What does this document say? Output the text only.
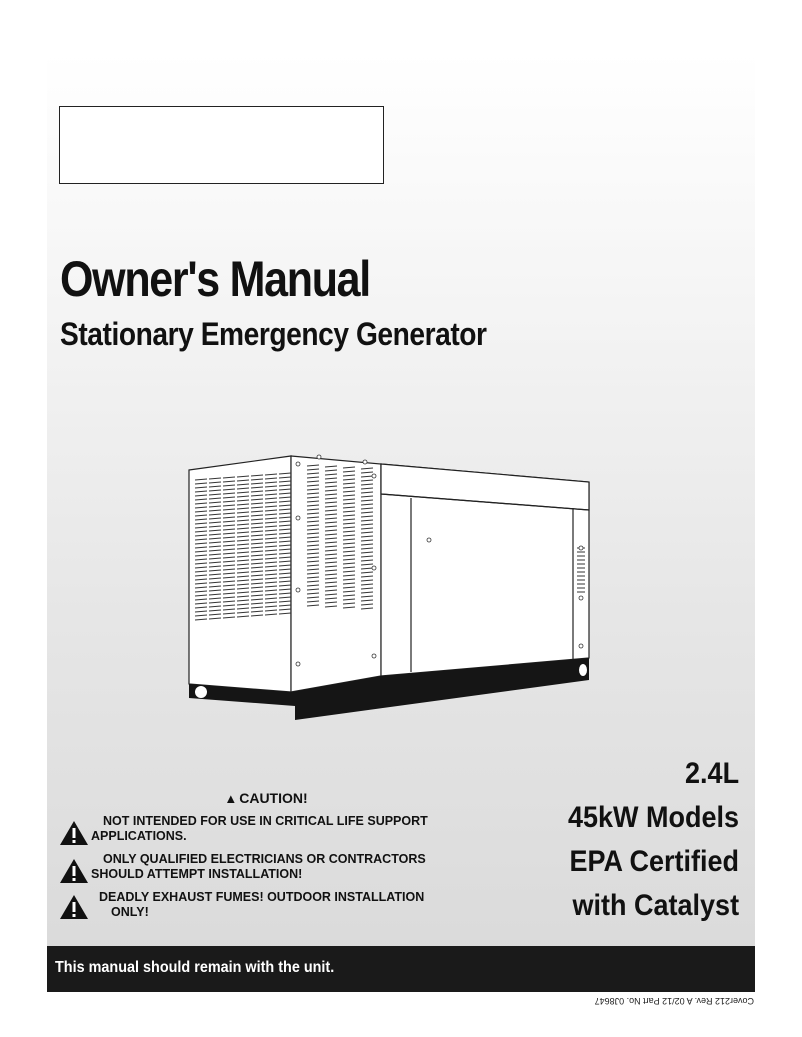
Owner's Manual
Stationary Emergency Generator
▲ CAUTION!
NOT INTENDED FOR USE IN CRITICAL LIFE SUPPORT
APPLICATIONS.
ONLY QUALIFIED ELECTRICIANS OR CONTRACTORS
SHOULD ATTEMPT INSTALLATION!
DEADLY EXHAUST FUMES! OUTDOOR INSTALLATION
ONLY!
2.4L
45kW Models
EPA Certified
with Catalyst
This manual should remain with the unit.
Cover212 Rev. A 02/12 Part No. 0J8647
